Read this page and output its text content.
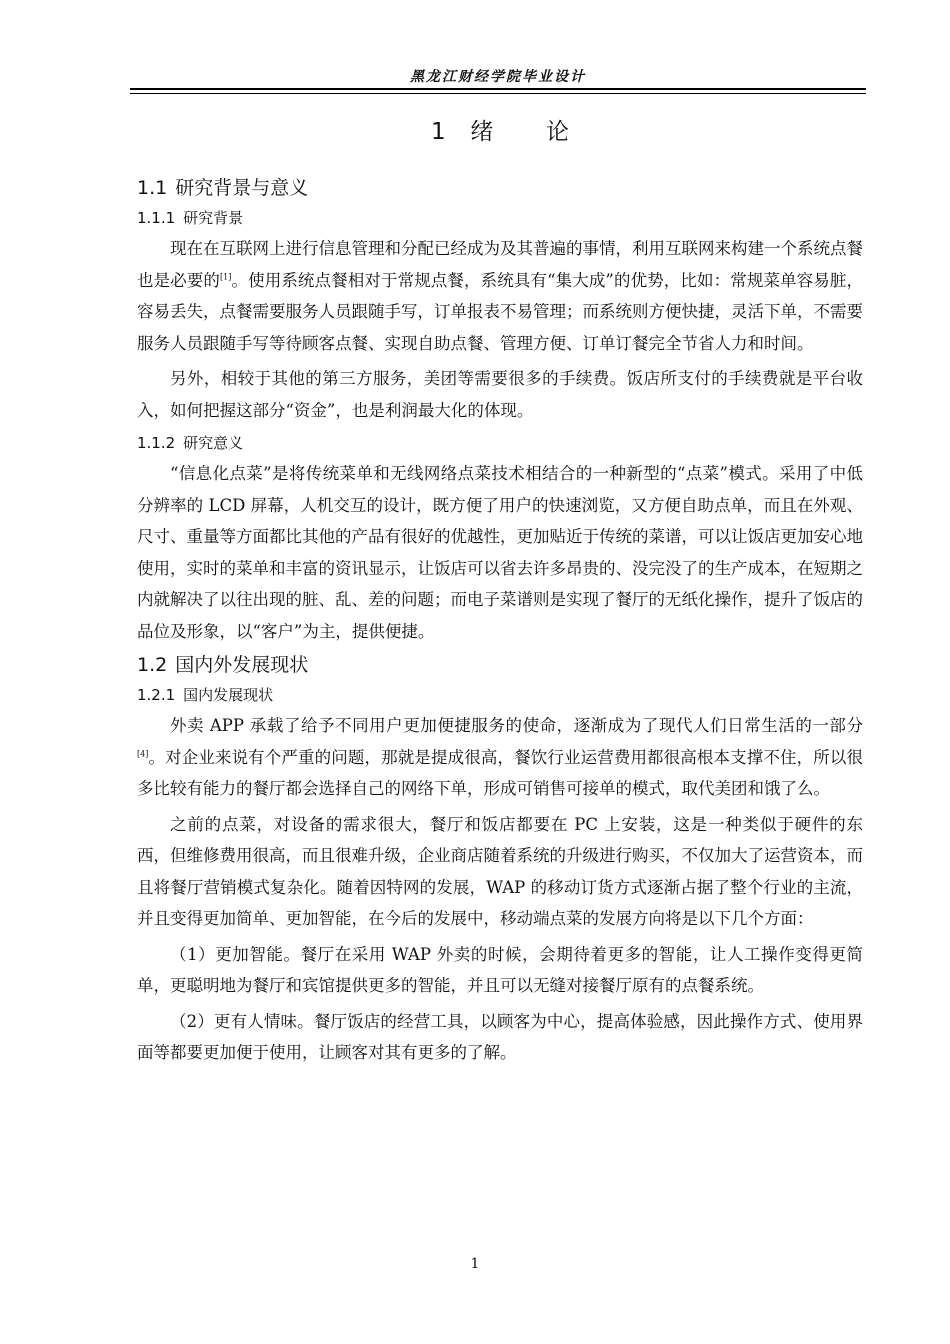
黑龙江财经学院毕业设计
1 绪 论
1.1 研究背景与意义
1.1.1 研究背景

现在在互联网上进行信息管理和分配已经成为及其普遍的事情，利用互联网来构建一个系统点餐也是必要的[1]。使用系统点餐相对于常规点餐，系统具有“集大成”的优势，比如：常规菜单容易脏，容易丢失，点餐需要服务人员跟随手写，订单报表不易管理；而系统则方便快捷，灵活下单，不需要服务人员跟随手写等待顾客点餐、实现自助点餐、管理方便、订单订餐完全节省人力和时间。

另外，相较于其他的第三方服务，美团等需要很多的手续费。饭店所支付的手续费就是平台收入，如何把握这部分“资金”，也是利润最大化的体现。

1.1.2 研究意义

“信息化点菜”是将传统菜单和无线网络点菜技术相结合的一种新型的“点菜”模式。采用了中低分辨率的 LCD 屏幕，人机交互的设计，既方便了用户的快速浏览，又方便自助点单，而且在外观、尺寸、重量等方面都比其他的产品有很好的优越性，更加贴近于传统的菜谱，可以让饭店更加安心地使用，实时的菜单和丰富的资讯显示，让饭店可以省去许多昂贵的、没完没了的生产成本，在短期之内就解决了以往出现的脏、乱、差的问题；而电子菜谱则是实现了餐厅的无纸化操作，提升了饭店的品位及形象，以“客户”为主，提供便捷。

1.2 国内外发展现状
1.2.1 国内发展现状

外卖 APP 承载了给予不同用户更加便捷服务的使命，逐渐成为了现代人们日常生活的一部分[4]。对企业来说有个严重的问题，那就是提成很高，餐饮行业运营费用都很高根本支撑不住，所以很多比较有能力的餐厅都会选择自己的网络下单，形成可销售可接单的模式，取代美团和饿了么。

之前的点菜，对设备的需求很大，餐厅和饭店都要在 PC 上安装，这是一种类似于硬件的东西，但维修费用很高，而且很难升级，企业商店随着系统的升级进行购买，不仅加大了运营资本，而且将餐厅营销模式复杂化。随着因特网的发展，WAP 的移动订货方式逐渐占据了整个行业的主流，并且变得更加简单、更加智能，在今后的发展中，移动端点菜的发展方向将是以下几个方面：

（1）更加智能。餐厅在采用 WAP 外卖的时候，会期待着更多的智能，让人工操作变得更简单，更聪明地为餐厅和宾馆提供更多的智能，并且可以无缝对接餐厅原有的点餐系统。

（2）更有人情味。餐厅饭店的经营工具，以顾客为中心，提高体验感，因此操作方式、使用界面等都要更加便于使用，让顾客对其有更多的了解。

1
